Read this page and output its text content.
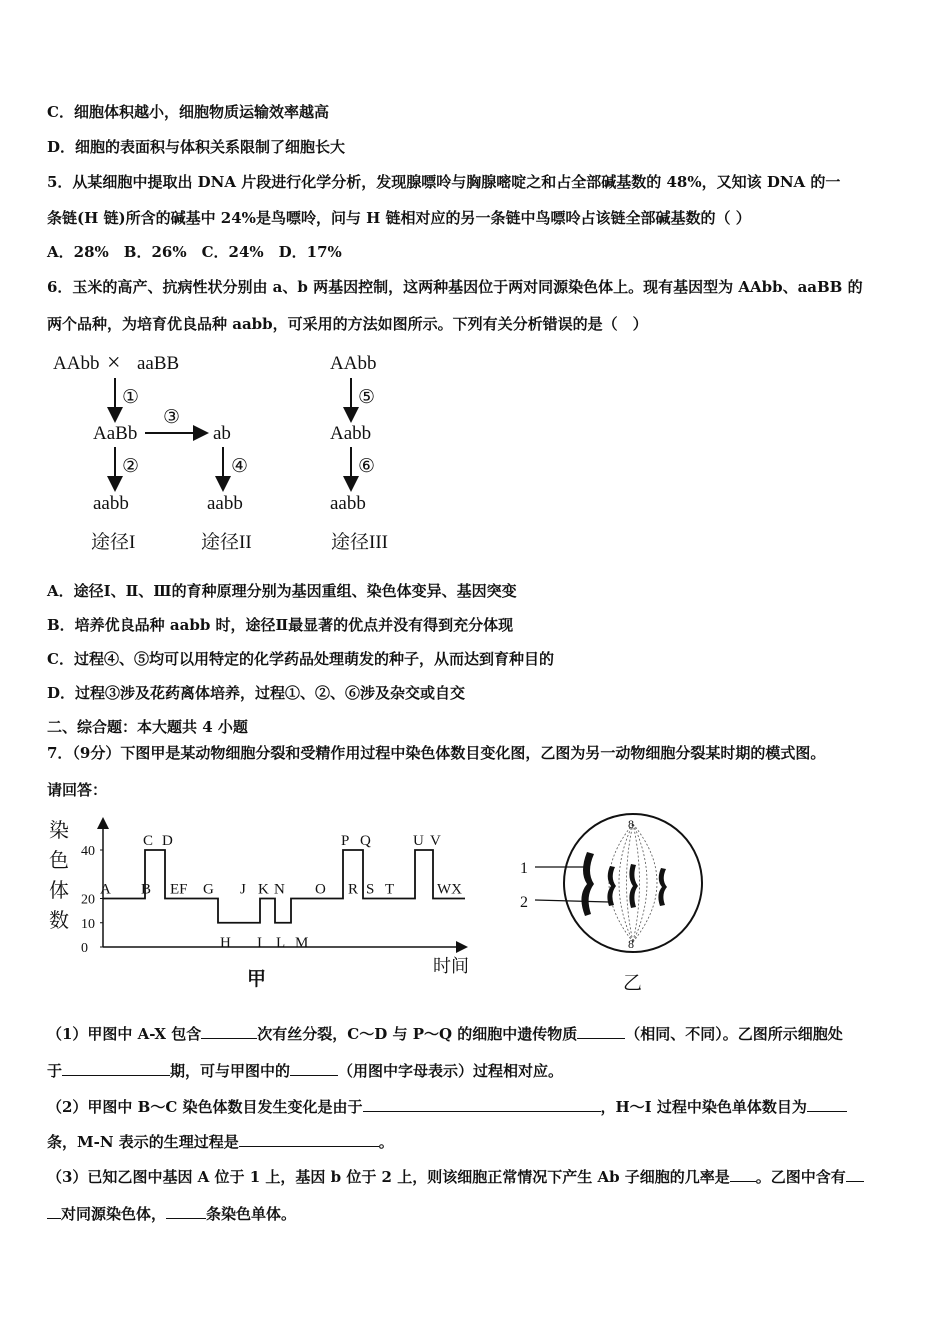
C．细胞体积越小，细胞物质运输效率越高
D．细胞的表面积与体积关系限制了细胞长大
5．从某细胞中提取出 DNA 片段进行化学分析，发现腺嘌呤与胸腺嘧啶之和占全部碱基数的 48%，又知该 DNA 的一
条链(H 链)所含的碱基中 24%是鸟嘌呤，问与 H 链相对应的另一条链中鸟嘌呤占该链全部碱基数的（ ）
A．28%　B．26%　C．24%　D．17%
6．玉米的高产、抗病性状分别由 a、b 两基因控制，这两种基因位于两对同源染色体上。现有基因型为 AAbb、aaBB 的
两个品种，为培育优良品种 aabb，可采用的方法如图所示。下列有关分析错误的是（　）
AAbb × aaBB
①
AaBb
③
ab
②	④
aabb	aabb
途径I	途径II
AAbb
⑤
Aabb
⑥
aabb
途径III
A．途径Ⅰ、Ⅱ、Ⅲ的育种原理分别为基因重组、染色体变异、基因突变
B．培养优良品种 aabb 时，途径Ⅱ最显著的优点并没有得到充分体现
C．过程④、⑤均可以用特定的化学药品处理萌发的种子，从而达到育种目的
D．过程③涉及花药离体培养，过程①、②、⑥涉及杂交或自交
二、综合题：本大题共 4 小题
7．（9分）下图甲是某动物细胞分裂和受精作用过程中染色体数目变化图，乙图为另一动物细胞分裂某时期的模式图。
请回答：
染
色
体
数
0
10
20
40
A B EF G J K N O R S T	WX
C D	P Q	U V
H I L M
时间
甲
8
8
1
2
乙
（1）甲图中 A-X 包含	次有丝分裂，C～D 与 P～Q 的细胞中遗传物质	（相同、不同）。乙图所示细胞处
于	期，可与甲图中的	（用图中字母表示）过程相对应。
（2）甲图中 B～C 染色体数目发生变化是由于	，H～I 过程中染色单体数目为
条，M-N 表示的生理过程是	。
（3）已知乙图中基因 A 位于 1 上，基因 b 位于 2 上，则该细胞正常情况下产生 Ab 子细胞的几率是 。乙图中含有
对同源染色体，	条染色单体。
